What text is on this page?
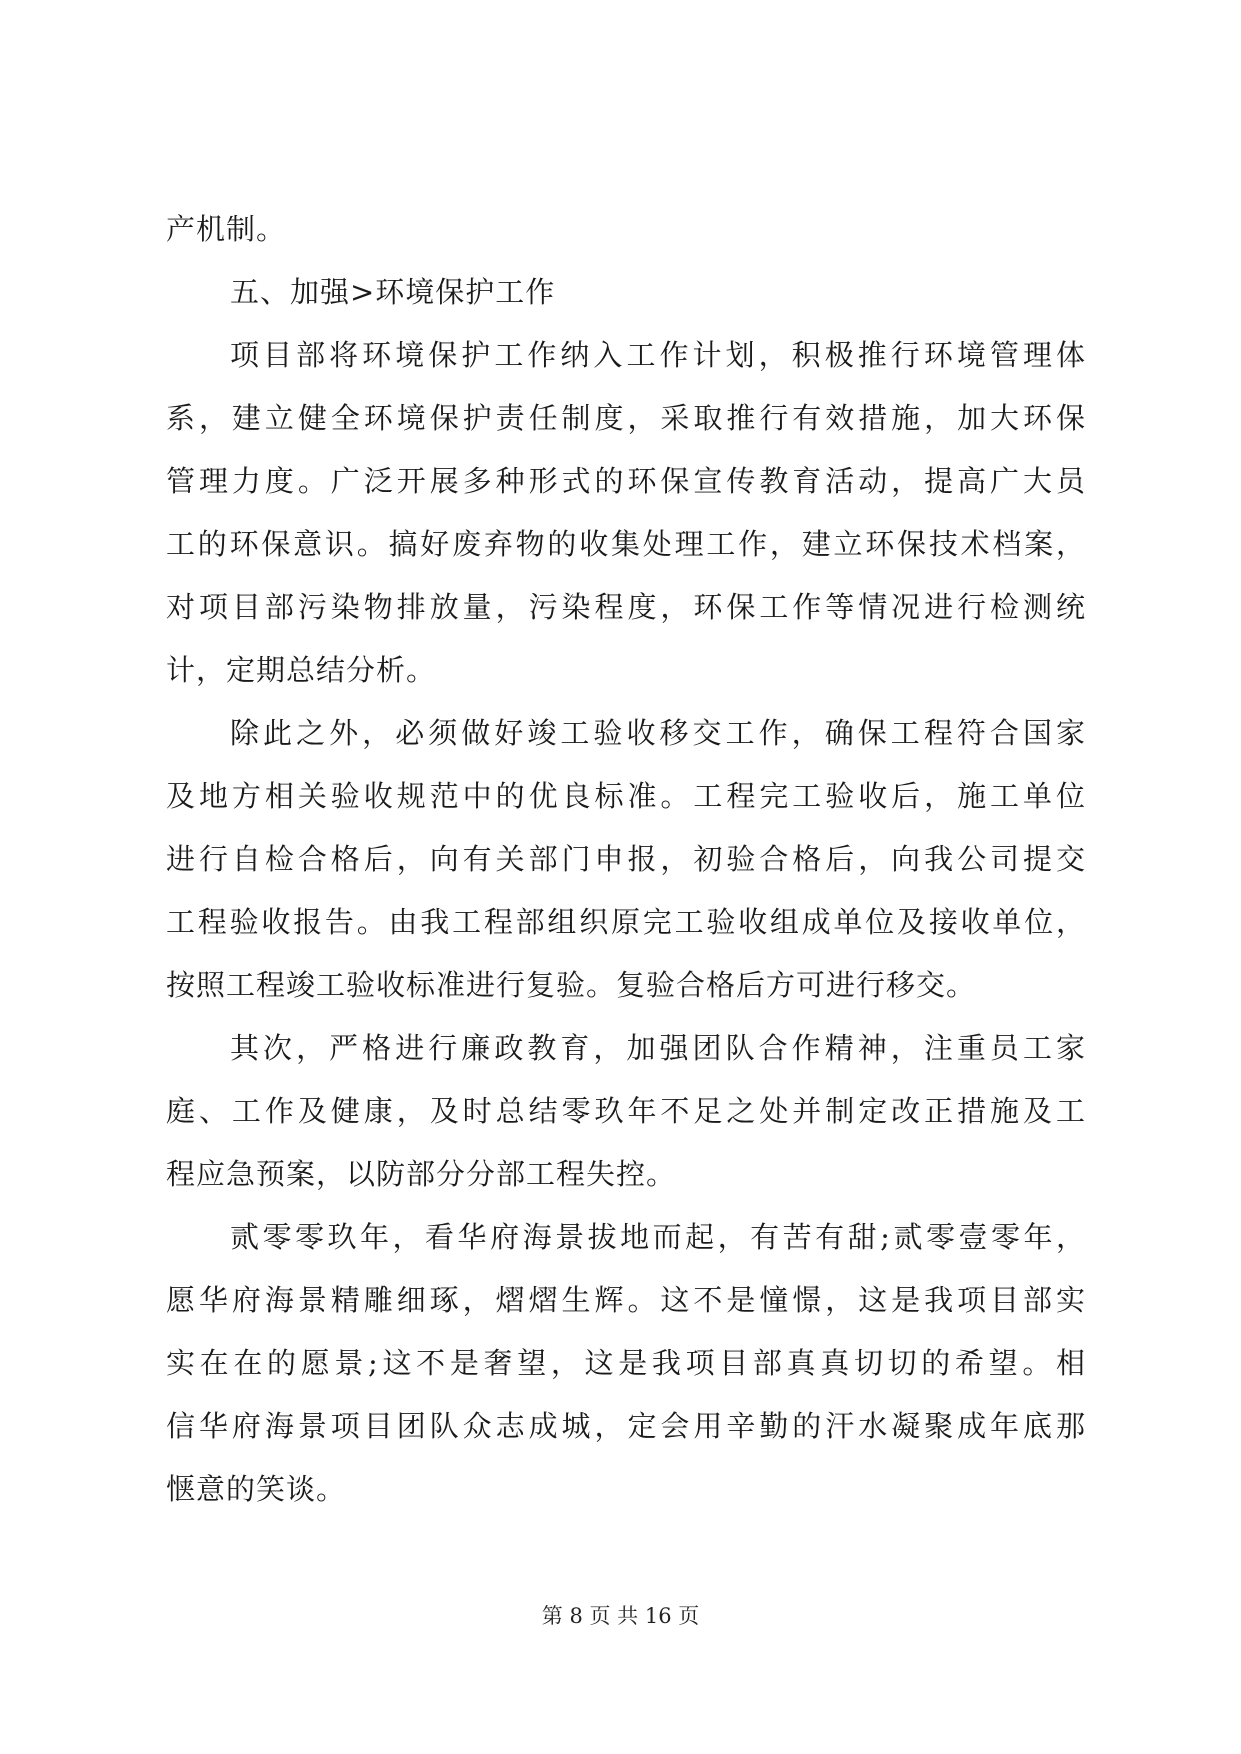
产机制。
五、加强>环境保护工作
项目部将环境保护工作纳入工作计划，积极推行环境管理体
系，建立健全环境保护责任制度，采取推行有效措施，加大环保
管理力度。广泛开展多种形式的环保宣传教育活动，提高广大员
工的环保意识。搞好废弃物的收集处理工作，建立环保技术档案，
对项目部污染物排放量，污染程度，环保工作等情况进行检测统
计，定期总结分析。
除此之外，必须做好竣工验收移交工作，确保工程符合国家
及地方相关验收规范中的优良标准。工程完工验收后，施工单位
进行自检合格后，向有关部门申报，初验合格后，向我公司提交
工程验收报告。由我工程部组织原完工验收组成单位及接收单位，
按照工程竣工验收标准进行复验。复验合格后方可进行移交。
其次，严格进行廉政教育，加强团队合作精神，注重员工家
庭、工作及健康，及时总结零玖年不足之处并制定改正措施及工
程应急预案，以防部分分部工程失控。
贰零零玖年，看华府海景拔地而起，有苦有甜;贰零壹零年，
愿华府海景精雕细琢，熠熠生辉。这不是憧憬，这是我项目部实
实在在的愿景;这不是奢望，这是我项目部真真切切的希望。相
信华府海景项目团队众志成城，定会用辛勤的汗水凝聚成年底那
惬意的笑谈。
第 8 页 共 16 页
